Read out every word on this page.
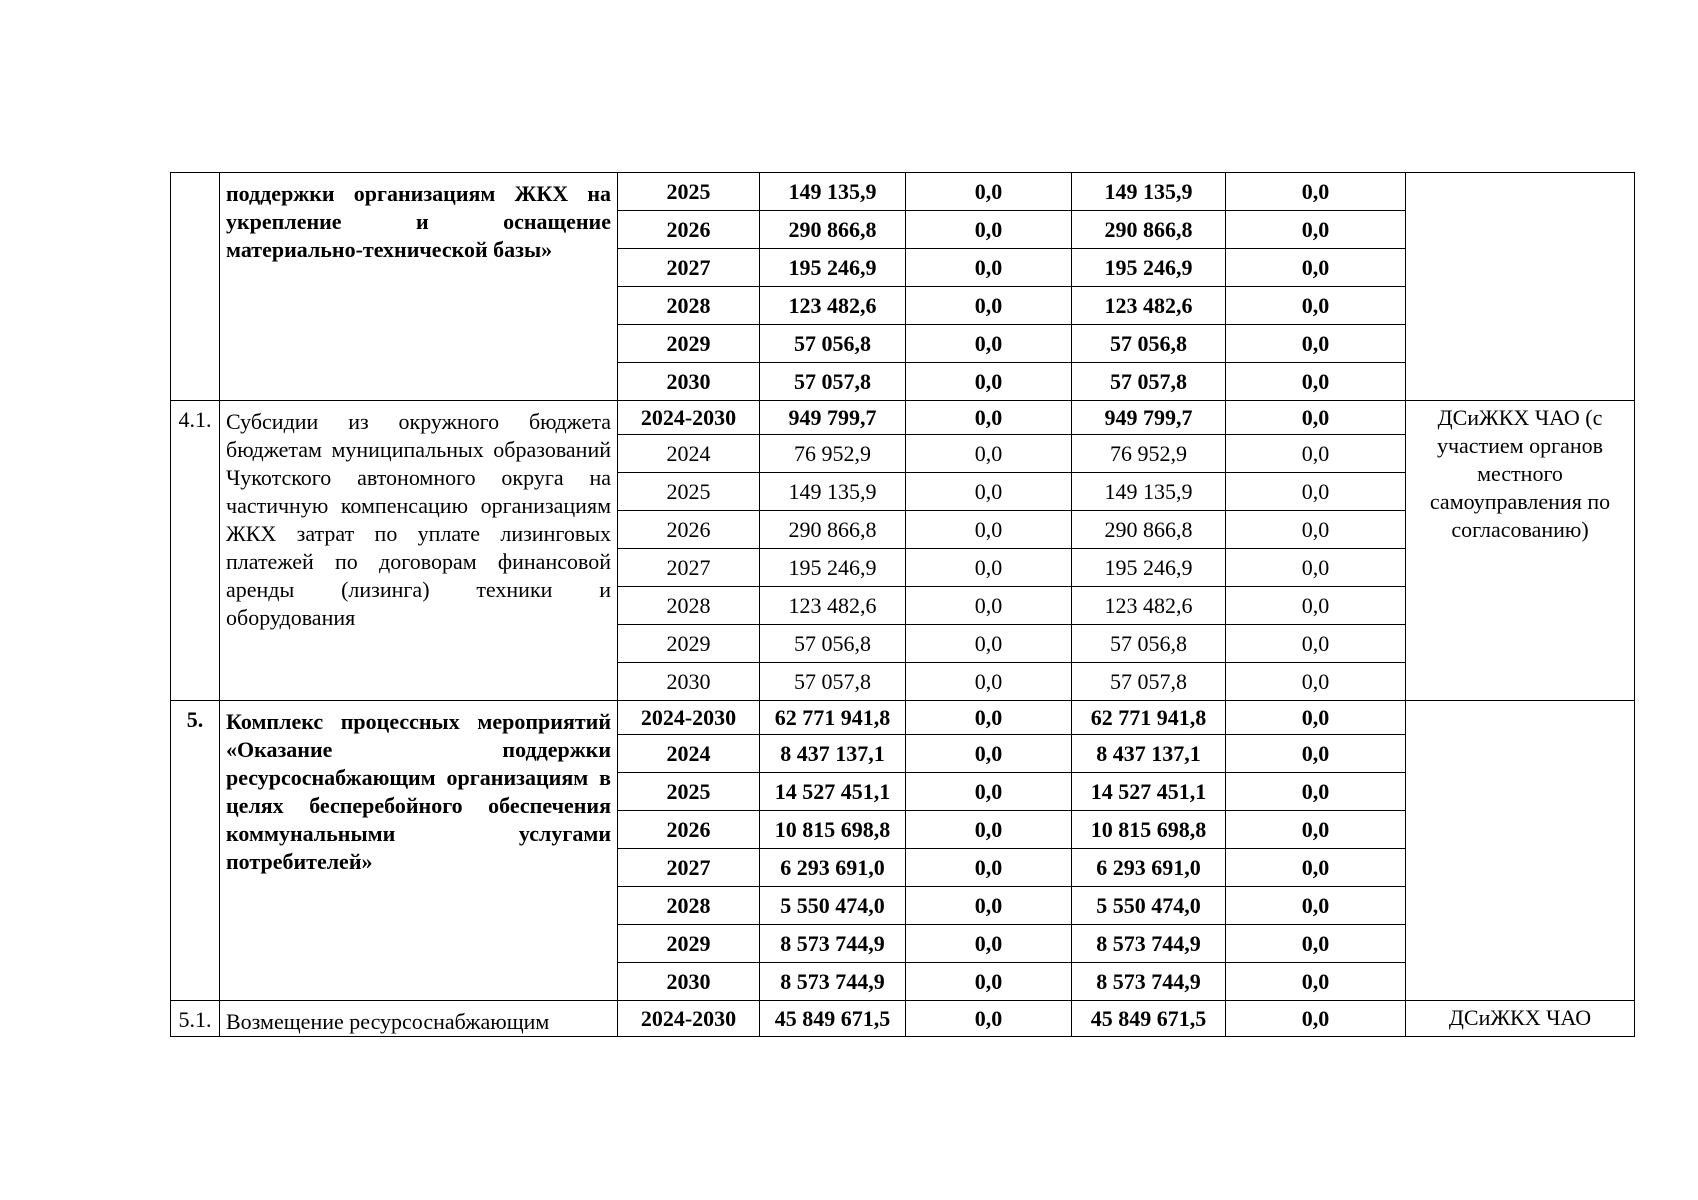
	поддержки организациям ЖКХ на укрепление и оснащение материально-технической базы»	2025	149 135,9	0,0	149 135,9	0,0	
		2026	290 866,8	0,0	290 866,8	0,0	
		2027	195 246,9	0,0	195 246,9	0,0	
		2028	123 482,6	0,0	123 482,6	0,0	
		2029	57 056,8	0,0	57 056,8	0,0	
		2030	57 057,8	0,0	57 057,8	0,0	
4.1.	Субсидии из окружного бюджета бюджетам муниципальных образований Чукотского автономного округа на частичную компенсацию организациям ЖКХ затрат по уплате лизинговых платежей по договорам финансовой аренды (лизинга) техники и оборудования	2024-2030	949 799,7	0,0	949 799,7	0,0	ДСиЖКХ ЧАО (с участием органов местного самоуправления по согласованию)
		2024	76 952,9	0,0	76 952,9	0,0	
		2025	149 135,9	0,0	149 135,9	0,0	
		2026	290 866,8	0,0	290 866,8	0,0	
		2027	195 246,9	0,0	195 246,9	0,0	
		2028	123 482,6	0,0	123 482,6	0,0	
		2029	57 056,8	0,0	57 056,8	0,0	
		2030	57 057,8	0,0	57 057,8	0,0	
5.	Комплекс процессных мероприятий «Оказание поддержки ресурсоснабжающим организациям в целях бесперебойного обеспечения коммунальными услугами потребителей»	2024-2030	62 771 941,8	0,0	62 771 941,8	0,0	
		2024	8 437 137,1	0,0	8 437 137,1	0,0	
		2025	14 527 451,1	0,0	14 527 451,1	0,0	
		2026	10 815 698,8	0,0	10 815 698,8	0,0	
		2027	6 293 691,0	0,0	6 293 691,0	0,0	
		2028	5 550 474,0	0,0	5 550 474,0	0,0	
		2029	8 573 744,9	0,0	8 573 744,9	0,0	
		2030	8 573 744,9	0,0	8 573 744,9	0,0	
5.1.	Возмещение ресурсоснабжающим	2024-2030	45 849 671,5	0,0	45 849 671,5	0,0	ДСиЖКХ ЧАО
